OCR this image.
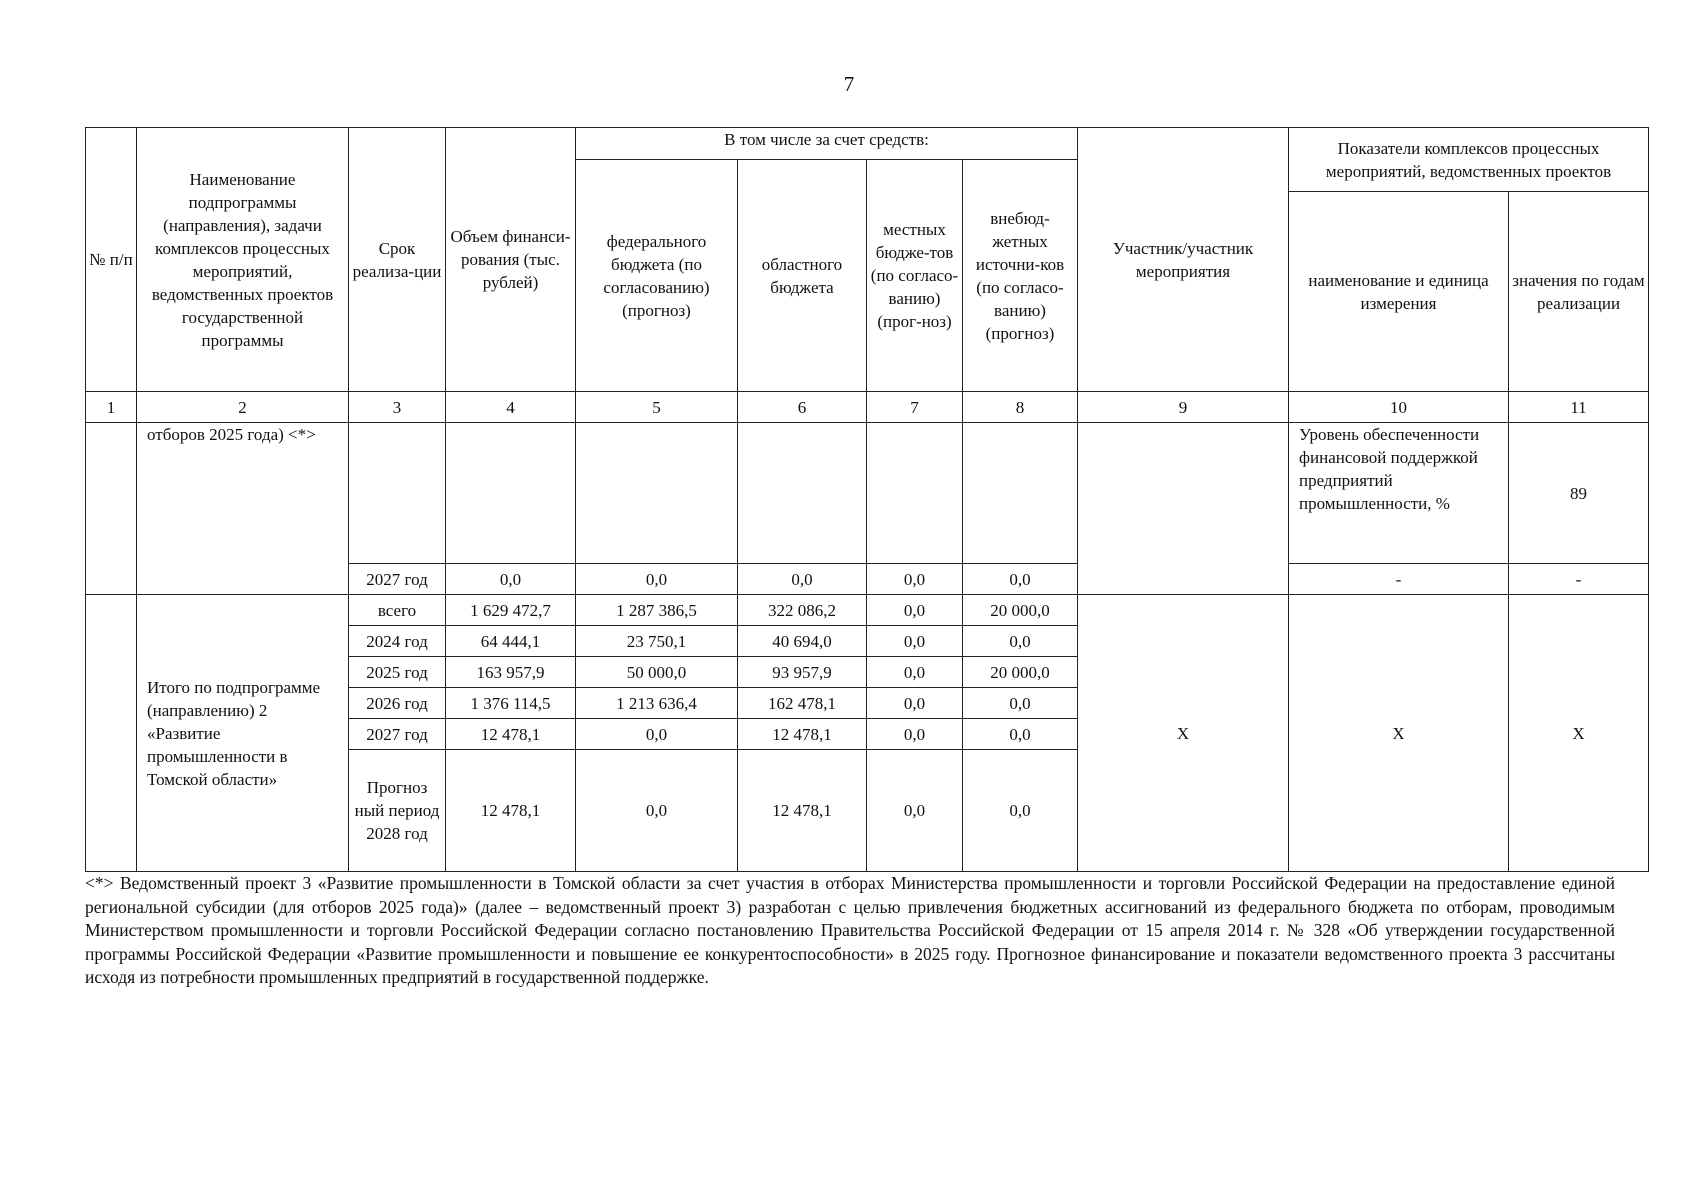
7
№ п/п	Наименование подпрограммы (направления), задачи комплексов процессных мероприятий, ведомственных проектов государственной программы	Срок реализа-ции	Объем финанси-рования (тыс. рублей)	В том числе за счет средств:				Участник/участник мероприятия	Показатели комплексов процессных мероприятий, ведомственных проектов	
				федерального бюджета (по согласованию) (прогноз)	областного бюджета	местных бюдже-тов (по согласо-ванию) (прог-ноз)	внебюд-жетных источни-ков (по согласо-ванию) (прогноз)			
									наименование и единица измерения	значения по годам реализации
1	2	3	4	5	6	7	8	9	10	11
	отборов 2025 года) <*>								Уровень обеспеченности финансовой поддержкой предприятий промышленности, %	89
		2027 год	0,0	0,0	0,0	0,0	0,0		-	-
	Итого по подпрограмме (направлению) 2 «Развитие промышленности в Томской области»	всего	1 629 472,7	1 287 386,5	322 086,2	0,0	20 000,0	X	X	X
		2024 год	64 444,1	23 750,1	40 694,0	0,0	0,0			
		2025 год	163 957,9	50 000,0	93 957,9	0,0	20 000,0			
		2026 год	1 376 114,5	1 213 636,4	162 478,1	0,0	0,0			
		2027 год	12 478,1	0,0	12 478,1	0,0	0,0			
		Прогноз ный период 2028 год	12 478,1	0,0	12 478,1	0,0	0,0			
<*> Ведомственный проект 3 «Развитие промышленности в Томской области за счет участия в отборах Министерства промышленности и торговли Российской Федерации на предоставление единой региональной субсидии (для отборов 2025 года)» (далее – ведомственный проект 3) разработан с целью привлечения бюджетных ассигнований из федерального бюджета по отборам, проводимым Министерством промышленности и торговли Российской Федерации согласно постановлению Правительства Российской Федерации от 15 апреля 2014 г. № 328 «Об утверждении государственной программы Российской Федерации «Развитие промышленности и повышение ее конкурентоспособности» в 2025 году. Прогнозное финансирование и показатели ведомственного проекта 3 рассчитаны исходя из потребности промышленных предприятий в государственной поддержке.
